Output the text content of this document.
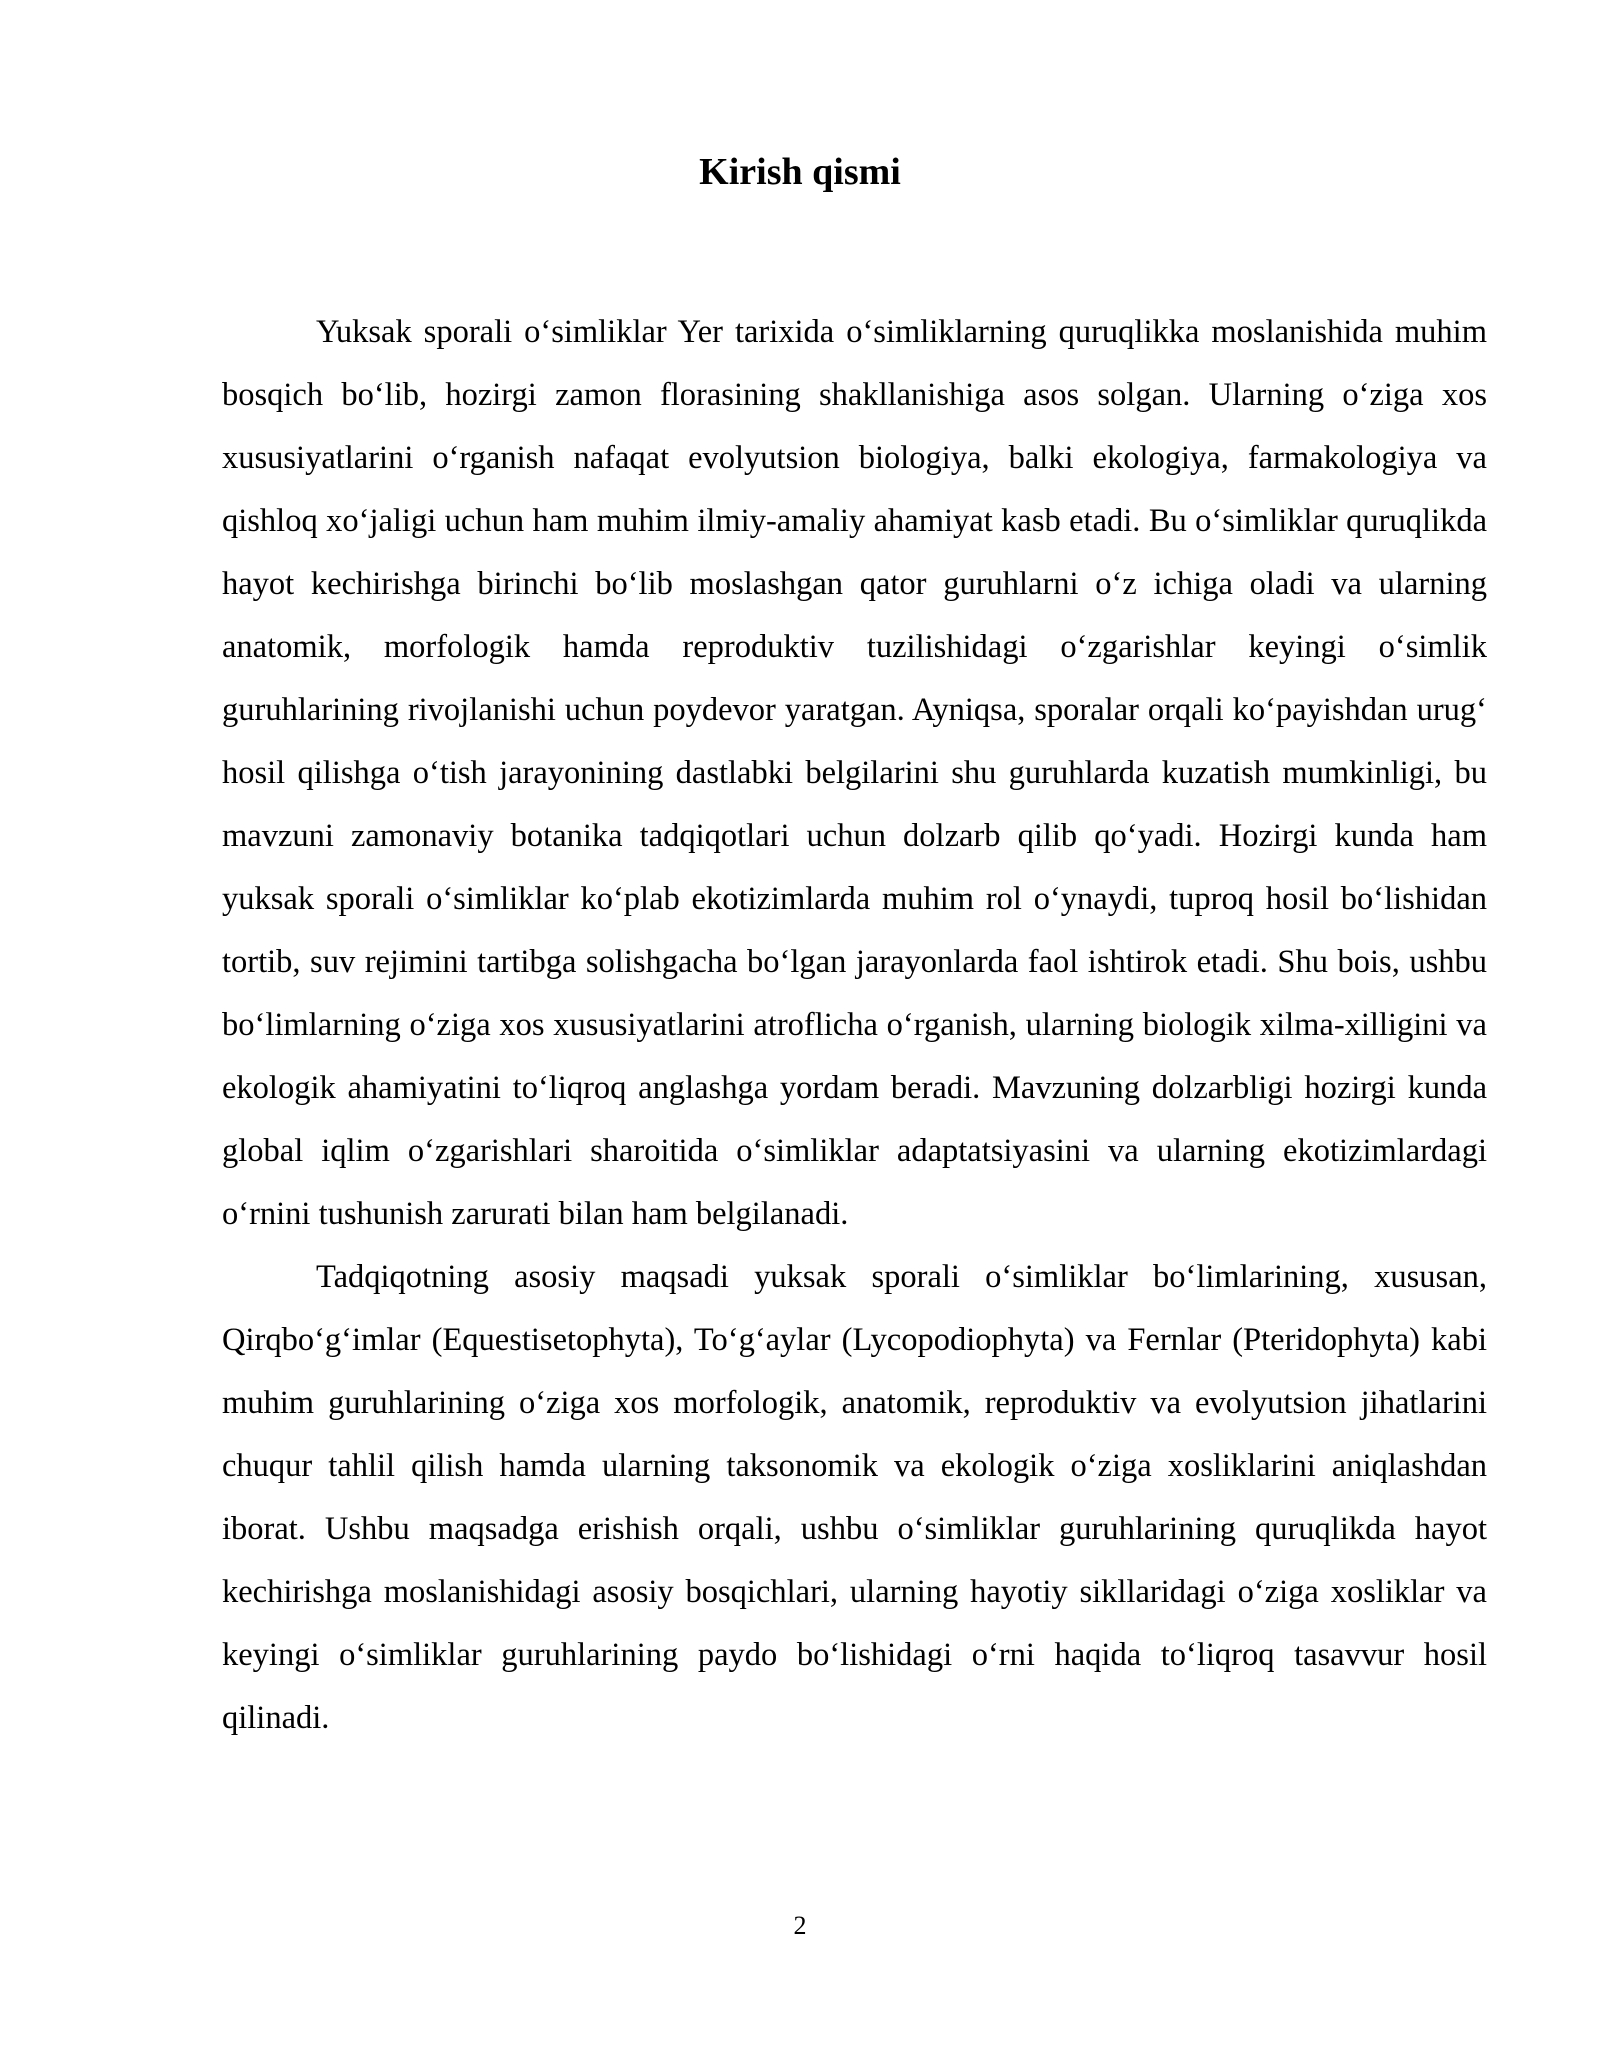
Kirish qismi

Yuksak sporali o‘simliklar Yer tarixida o‘simliklarning quruqlikka moslanishida muhim bosqich bo‘lib, hozirgi zamon florasining shakllanishiga asos solgan. Ularning o‘ziga xos xususiyatlarini o‘rganish nafaqat evolyutsion biologiya, balki ekologiya, farmakologiya va qishloq xo‘jaligi uchun ham muhim ilmiy-amaliy ahamiyat kasb etadi. Bu o‘simliklar quruqlikda hayot kechirishga birinchi bo‘lib moslashgan qator guruhlarni o‘z ichiga oladi va ularning anatomik, morfologik hamda reproduktiv tuzilishidagi o‘zgarishlar keyingi o‘simlik guruhlarining rivojlanishi uchun poydevor yaratgan. Ayniqsa, sporalar orqali ko‘payishdan urug‘ hosil qilishga o‘tish jarayonining dastlabki belgilarini shu guruhlarda kuzatish mumkinligi, bu mavzuni zamonaviy botanika tadqiqotlari uchun dolzarb qilib qo‘yadi. Hozirgi kunda ham yuksak sporali o‘simliklar ko‘plab ekotizimlarda muhim rol o‘ynaydi, tuproq hosil bo‘lishidan tortib, suv rejimini tartibga solishgacha bo‘lgan jarayonlarda faol ishtirok etadi. Shu bois, ushbu bo‘limlarning o‘ziga xos xususiyatlarini atroflicha o‘rganish, ularning biologik xilma-xilligini va ekologik ahamiyatini to‘liqroq anglashga yordam beradi. Mavzuning dolzarbligi hozirgi kunda global iqlim o‘zgarishlari sharoitida o‘simliklar adaptatsiyasini va ularning ekotizimlardagi o‘rnini tushunish zarurati bilan ham belgilanadi.

Tadqiqotning asosiy maqsadi yuksak sporali o‘simliklar bo‘limlarining, xususan, Qirqbo‘g‘imlar (Equestisetophyta), To‘g‘aylar (Lycopodiophyta) va Fernlar (Pteridophyta) kabi muhim guruhlarining o‘ziga xos morfologik, anatomik, reproduktiv va evolyutsion jihatlarini chuqur tahlil qilish hamda ularning taksonomik va ekologik o‘ziga xosliklarini aniqlashdan iborat. Ushbu maqsadga erishish orqali, ushbu o‘simliklar guruhlarining quruqlikda hayot kechirishga moslanishidagi asosiy bosqichlari, ularning hayotiy sikllaridagi o‘ziga xosliklar va keyingi o‘simliklar guruhlarining paydo bo‘lishidagi o‘rni haqida to‘liqroq tasavvur hosil qilinadi.

2
